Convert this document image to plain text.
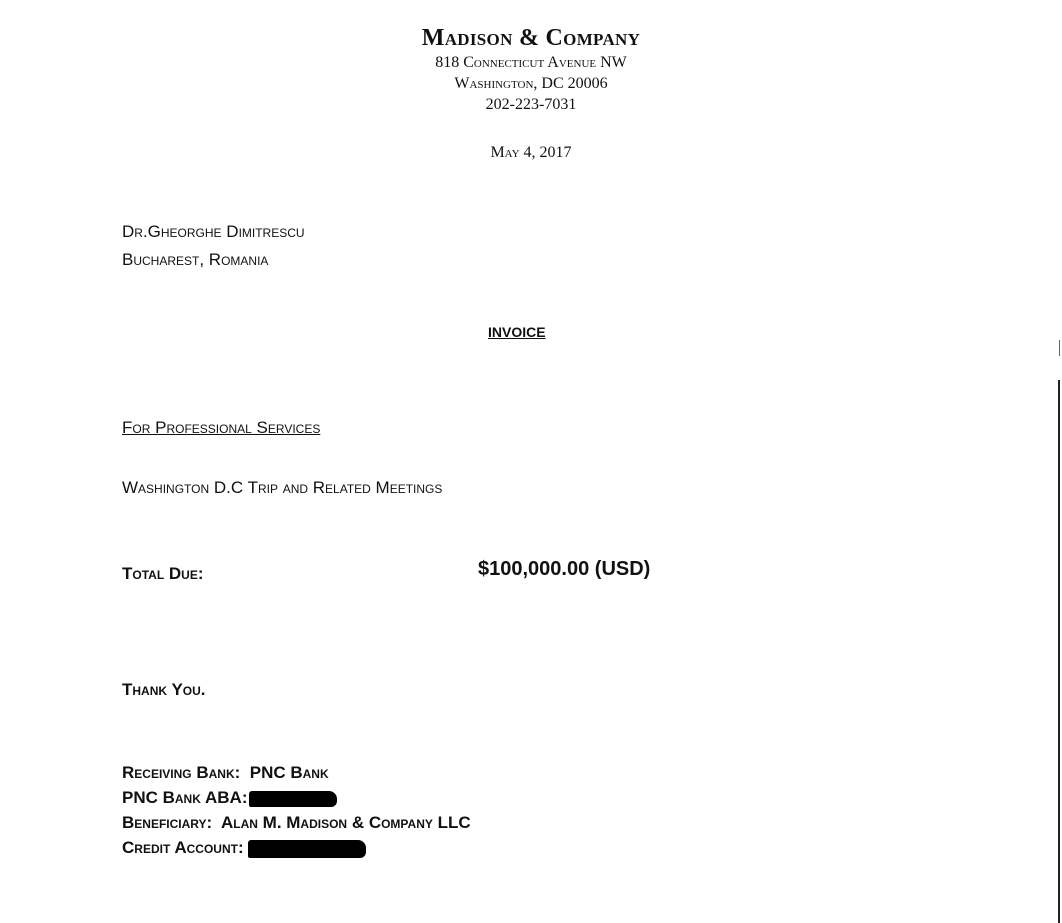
Madison & Company
818 Connecticut Avenue NW
Washington, DC 20006
202-223-7031
May 4, 2017
Dr.Gheorghe Dimitrescu
Bucharest, Romania
INVOICE
For Professional Services
Washington D.C Trip and Related Meetings
Total Due:	$100,000.00 (USD)
Thank You.
Receiving Bank: PNC Bank
PNC Bank ABA:
Beneficiary: Alan M. Madison & Company LLC
Credit Account:
